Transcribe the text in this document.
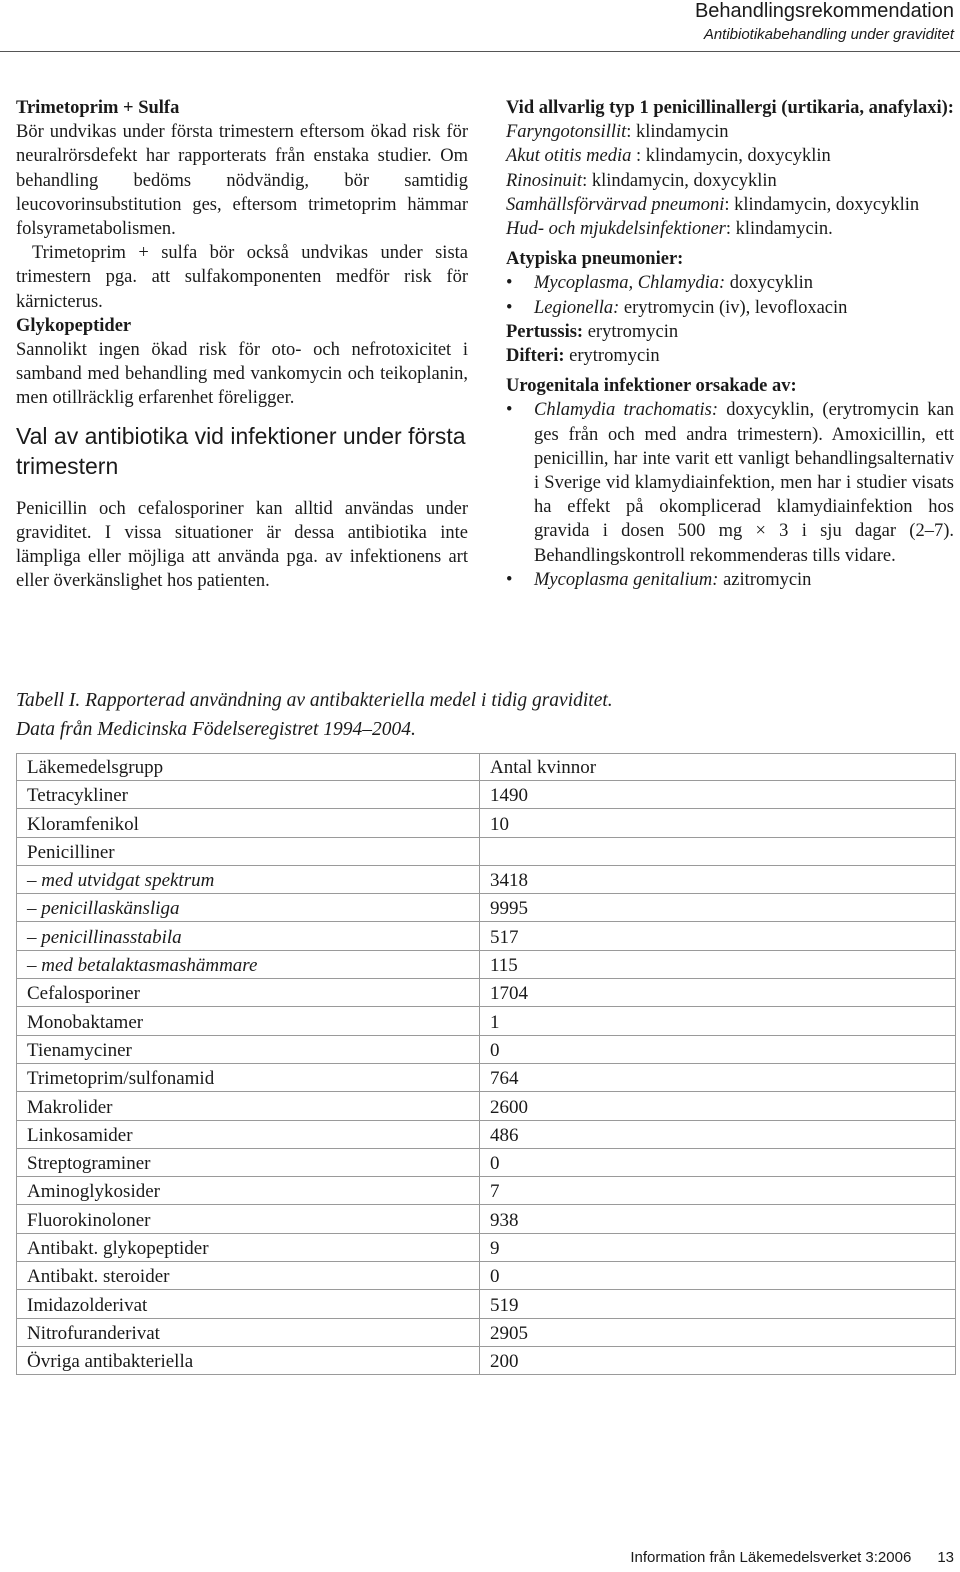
Behandlingsrekommendation
Antibiotikabehandling under graviditet

Trimetoprim + Sulfa

Bör undvikas under första trimestern eftersom ökad risk för neuralrörsdefekt har rapporterats från enstaka studier. Om behandling bedöms nödvändig, bör samtidig leucovorinsubstitution ges, eftersom trimetoprim hämmar folsyrametabolismen.

Trimetoprim + sulfa bör också undvikas under sista trimestern pga. att sulfakomponenten medför risk för kärnicterus.

Glykopeptider

Sannolikt ingen ökad risk för oto- och nefrotoxicitet i samband med behandling med vankomycin och teikoplanin, men otillräcklig erfarenhet föreligger.

Val av antibiotika vid infektioner under första trimestern

Penicillin och cefalosporiner kan alltid användas under graviditet. I vissa situationer är dessa antibiotika inte lämpliga eller möjliga att använda pga. av infektionens art eller överkänslighet hos patienten.

Vid allvarlig typ 1 penicillinallergi (urtikaria, anafylaxi):

Faryngotonsillit: klindamycin

Akut otitis media : klindamycin, doxycyklin

Rinosinuit: klindamycin, doxycyklin

Samhällsförvärvad pneumoni: klindamycin, doxycyklin

Hud- och mjukdelsinfektioner: klindamycin.

Atypiska pneumonier:

• Mycoplasma, Chlamydia: doxycyklin
• Legionella: erytromycin (iv), levofloxacin

Pertussis: erytromycin

Difteri: erytromycin

Urogenitala infektioner orsakade av:

• Chlamydia trachomatis: doxycyklin, (erytromycin kan ges från och med andra trimestern). Amoxicillin, ett penicillin, har inte varit ett vanligt behandlingsalternativ i Sverige vid klamydiainfektion, men har i studier visats ha effekt på okomplicerad klamydiainfektion hos gravida i dosen 500 mg × 3 i sju dagar (2–7). Behandlingskontroll rekommenderas tills vidare.
• Mycoplasma genitalium: azitromycin
Tabell I. Rapporterad användning av antibakteriella medel i tidig graviditet.
Data från Medicinska Födelseregistret 1994–2004.
Läkemedelsgrupp	Antal kvinnor
Tetracykliner	1490
Kloramfenikol	10
Penicilliner	
– med utvidgat spektrum	3418
– penicillaskänsliga	9995
– penicillinasstabila	517
– med betalaktasmashämmare	115
Cefalosporiner	1704
Monobaktamer	1
Tienamyciner	0
Trimetoprim/sulfonamid	764
Makrolider	2600
Linkosamider	486
Streptograminer	0
Aminoglykosider	7
Fluorokinoloner	938
Antibakt. glykopeptider	9
Antibakt. steroider	0
Imidazolderivat	519
Nitrofuranderivat	2905
Övriga antibakteriella	200
Information från Läkemedelsverket 3:2006 13
